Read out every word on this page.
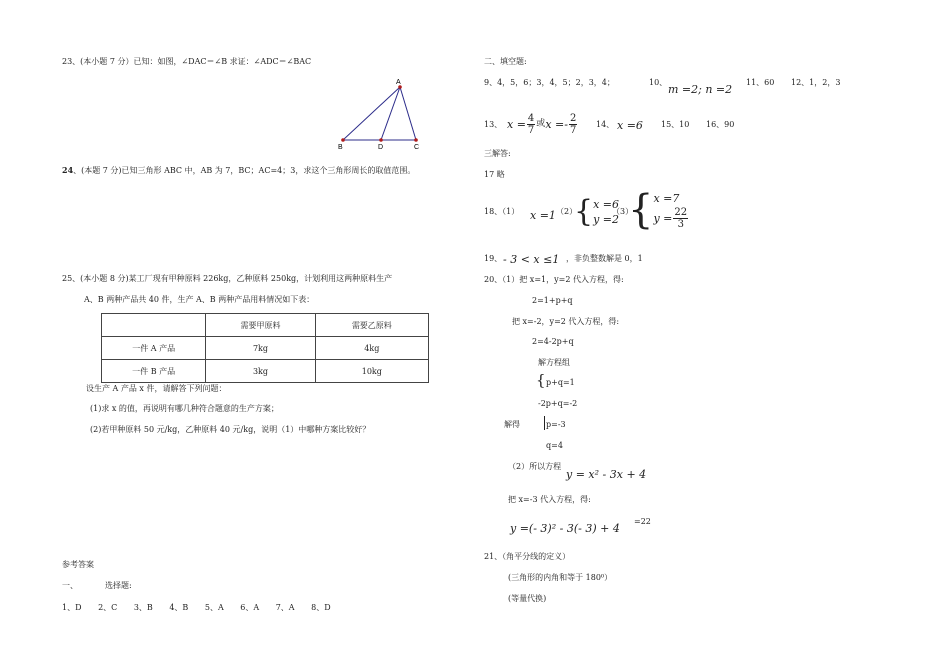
23、(本小题 7 分）已知：如图，∠DAC＝∠B 求证：∠ADC＝∠BAC
A
B	D	C
24、(本题 7 分)已知三角形 ABC 中，AB 为 7，BC；AC=4；3，求这个三角形周长的取值范围。
25、(本小题 8 分)某工厂现有甲种原料 226kg，乙种原料 250kg，计划利用这两种原料生产
A、B 两种产品共 40 件，生产 A、B 两种产品用料情况如下表：
	需要甲原料	需要乙原料
一件 A 产品	7kg	4kg
一件 B 产品	3kg	10kg
设生产 A 产品 x 件，请解答下列问题：
(1)求 x 的值，再说明有哪几种符合题意的生产方案；
(2)若甲种原料 50 元/kg，乙种原料 40 元/kg，说明（1）中哪种方案比较好？
参考答案
一、	选择题:
1、D 2、C 3、B 4、B 5、A 6、A 7、A 8、D
二、填空题:
9、4，5，6；3，4，5；2，3，4；	10、
m =2; n =2
11、60 12、1，2，3
13、 $x = \frac{4}{7}$ 或 $x =- \frac{2}{7} 14$、 x =6 15、10 16、90
三解答:
17 略
18、（1） x =1 （2）
{ x =6
y =2
（3）
{ x =7
$y = \frac{22}{3}$
19、 - 3 < x ≤1 ，非负整数解是 0，1
20、（1）把 x=1，y=2 代入方程，得:
2=1+p+q
把 x=-2，y=2 代入方程，得:
2=4-2p+q
解方程组
{ p+q=1
-2p+q=-2
解得	p=-3
q=4
（2）所以方程
y = x² - 3x + 4
把 x=-3 代入方程，得:
y =(- 3)² - 3(- 3) + 4
=22
21、（角平分线的定义）
(三角形的内角和等于 180⁰）
(等量代换)
